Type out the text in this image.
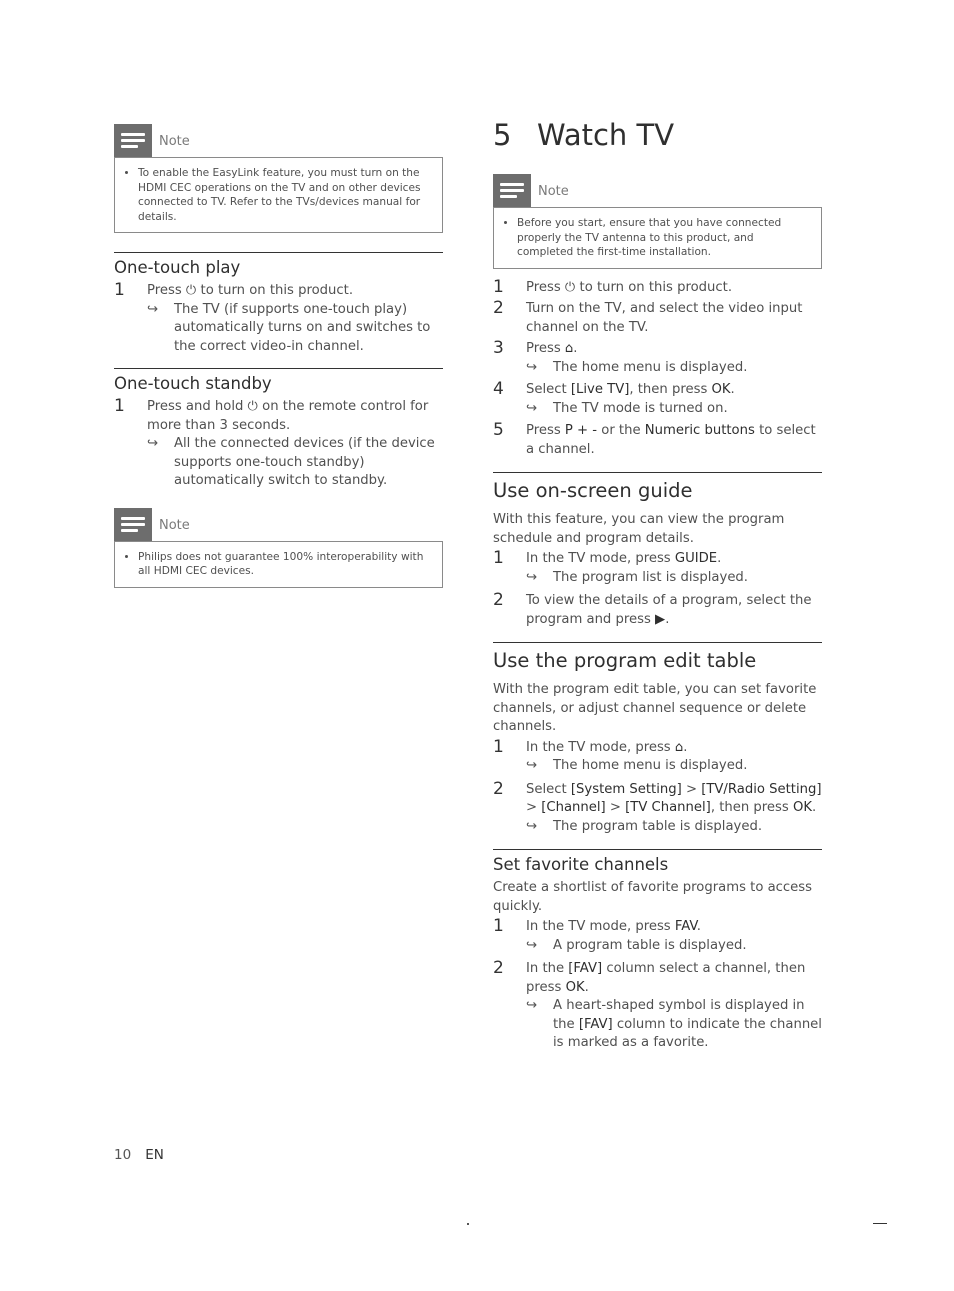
Note
• To enable the EasyLink feature, you must turn on the HDMI CEC operations on the TV and on other devices connected to TV. Refer to the TVs/devices manual for details.
One-touch play
1 Press ⏻ to turn on this product.
↪ The TV (if supports one-touch play) automatically turns on and switches to the correct video-in channel.
One-touch standby
1 Press and hold ⏻ on the remote control for more than 3 seconds.
↪ All the connected devices (if the device supports one-touch standby) automatically switch to standby.
Note
• Philips does not guarantee 100% interoperability with all HDMI CEC devices.
5 Watch TV
Note
• Before you start, ensure that you have connected properly the TV antenna to this product, and completed the first-time installation.
1 Press ⏻ to turn on this product.
2 Turn on the TV, and select the video input channel on the TV.
3 Press ⌂.
↪ The home menu is displayed.
4 Select [Live TV], then press OK.
↪ The TV mode is turned on.
5 Press P + - or the Numeric buttons to select a channel.
Use on-screen guide

With this feature, you can view the program schedule and program details.

1 In the TV mode, press GUIDE.
↪ The program list is displayed.
2 To view the details of a program, select the program and press ▶.
Use the program edit table

With the program edit table, you can set favorite channels, or adjust channel sequence or delete channels.

1 In the TV mode, press ⌂.
↪ The home menu is displayed.
2 Select [System Setting] > [TV/Radio Setting] > [Channel] > [TV Channel], then press OK.
↪ The program table is displayed.
Set favorite channels

Create a shortlist of favorite programs to access quickly.

1 In the TV mode, press FAV.
↪ A program table is displayed.
2 In the [FAV] column select a channel, then press OK.
↪ A heart-shaped symbol is displayed in the [FAV] column to indicate the channel is marked as a favorite.
10 EN
